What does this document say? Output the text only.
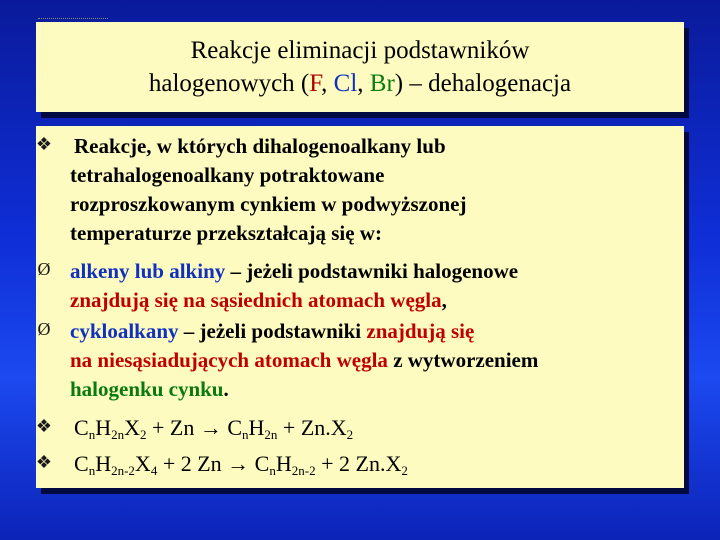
Reakcje eliminacji podstawników
halogenowych (F, Cl, Br) – dehalogenacja
❖ Reakcje, w których dihalogenoalkany lub
tetrahalogenoalkany potraktowane
rozproszkowanym cynkiem w podwyższonej
temperaturze przekształcają się w:
Ø alkeny lub alkiny – jeżeli podstawniki halogenowe
znajdują się na sąsiednich atomach węgla,
Ø cykloalkany – jeżeli podstawniki znajdują się
na niesąsiadujących atomach węgla z wytworzeniem
halogenku cynku.
❖ $C_nH_{2n}X_2 + Zn \to C_nH_{2n} + Zn.X_2$
❖ $C_nH_{2n-2}X_4 + 2$ $Zn \to C_nH_{2n-2} + 2$ $Zn.X_2$
